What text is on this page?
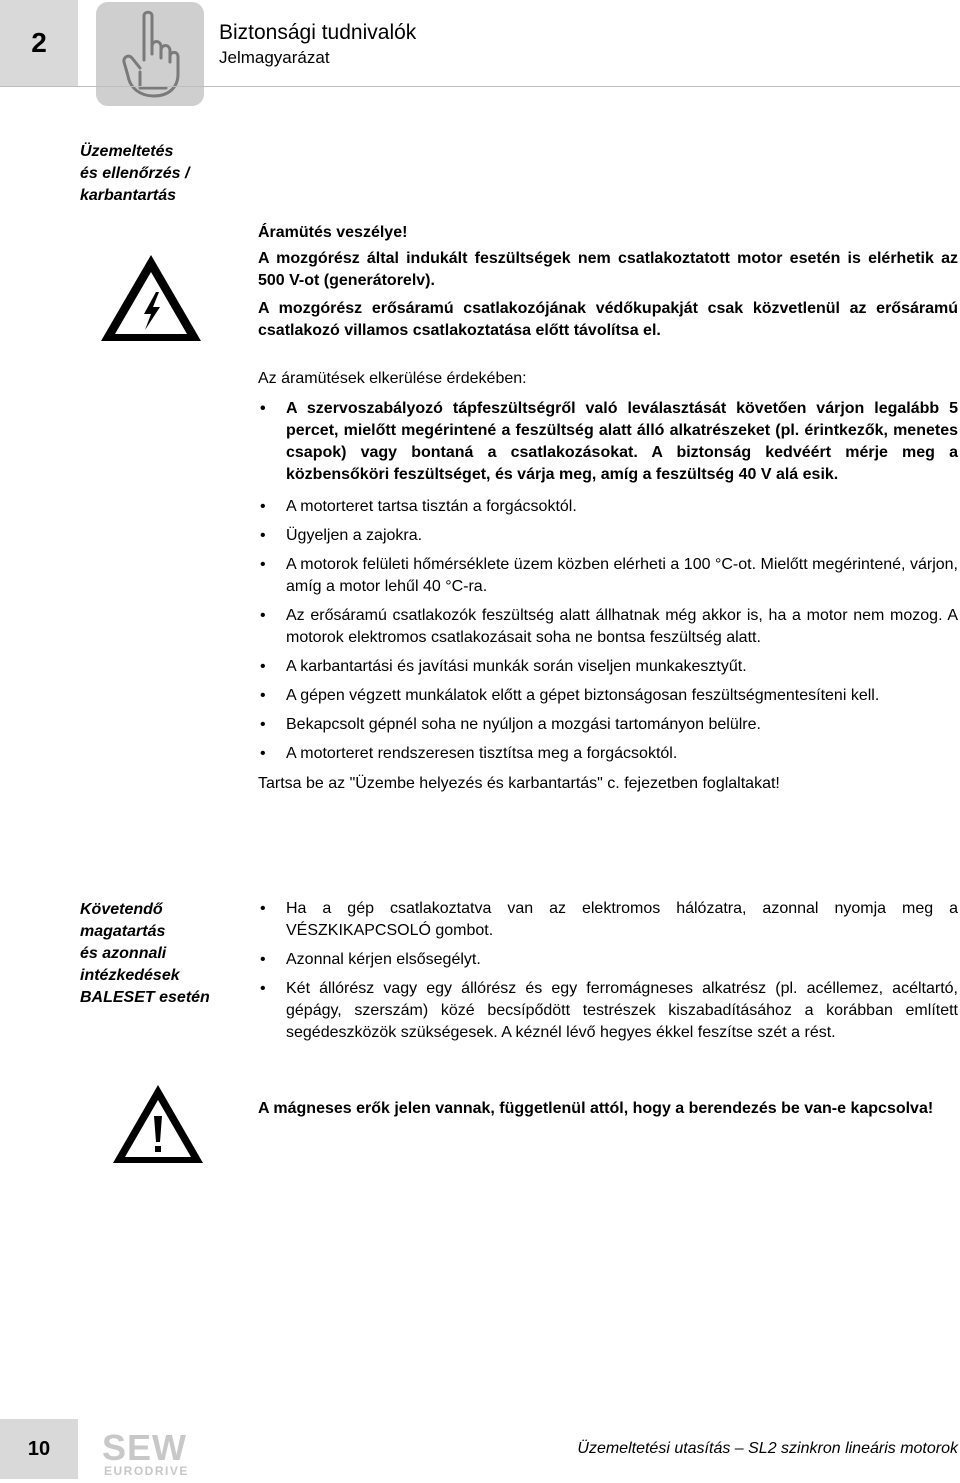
2	Biztonsági tudnivalók
Jelmagyarázat
Üzemeltetés
és ellenőrzés /
karbantartás

Áramütés veszélye!

A mozgórész által indukált feszültségek nem csatlakoztatott motor esetén is elérhetik az 500 V-ot (generátorelv).

A mozgórész erősáramú csatlakozójának védőkupakját csak közvetlenül az erősáramú csatlakozó villamos csatlakoztatása előtt távolítsa el.

Az áramütések elkerülése érdekében:

• A szervoszabályozó tápfeszültségről való leválasztását követően várjon legalább 5 percet, mielőtt megérintené a feszültség alatt álló alkatrészeket (pl. érintkezők, menetes csapok) vagy bontaná a csatlakozásokat. A biztonság kedvéért mérje meg a közbensőköri feszültséget, és várja meg, amíg a feszültség 40 V alá esik.
• A motorteret tartsa tisztán a forgácsoktól.
• Ügyeljen a zajokra.
• A motorok felületi hőmérséklete üzem közben elérheti a 100 °C-ot. Mielőtt megérintené, várjon, amíg a motor lehűl 40 °C-ra.
• Az erősáramú csatlakozók feszültség alatt állhatnak még akkor is, ha a motor nem mozog. A motorok elektromos csatlakozásait soha ne bontsa feszültség alatt.
• A karbantartási és javítási munkák során viseljen munkakesztyűt.
• A gépen végzett munkálatok előtt a gépet biztonságosan feszültségmentesíteni kell.
• Bekapcsolt gépnél soha ne nyúljon a mozgási tartományon belülre.
• A motorteret rendszeresen tisztítsa meg a forgácsoktól.

Tartsa be az "Üzembe helyezés és karbantartás" c. fejezetben foglaltakat!

Követendő
magatartás
és azonnali
intézkedések
BALESET esetén
• Ha a gép csatlakoztatva van az elektromos hálózatra, azonnal nyomja meg a VÉSZKIKAPCSOLÓ gombot.
• Azonnal kérjen elsősegélyt.
• Két állórész vagy egy állórész és egy ferromágneses alkatrész (pl. acéllemez, acéltartó, gépágy, szerszám) közé becsípődött testrészek kiszabadításához a korábban említett segédeszközök szükségesek. A kéznél lévő hegyes ékkel feszítse szét a rést.
A mágneses erők jelen vannak, függetlenül attól, hogy a berendezés be van-e kapcsolva!
10	SEW
EURODRIVE
Üzemeltetési utasítás – SL2 szinkron lineáris motorok
